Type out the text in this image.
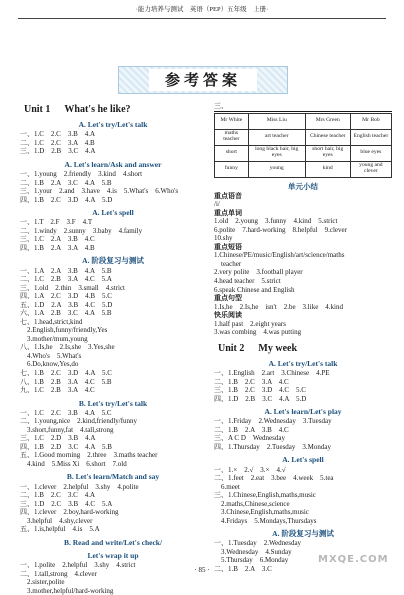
·能力培养与测试　英语（PEP）五年级　上册·
参考答案
Unit 1 What's he like?
A. Let's try/Let's talk
一、1.C　2.C　3.B　4.A
二、1.C　2.C　3.A　4.B
三、1.D　2.B　3.C　4.A
A. Let's learn/Ask and answer
一、1.young　2.friendly　3.kind　4.short
二、1.B　2.A　3.C　4.A　5.B
三、1.your　2.and　3.have　4.is　5.What's　6.Who's
四、1.B　2.C　3.D　4.A　5.D
A. Let's spell
一、1.T　2.F　3.F　4.T
二、1.windy　2.sunny　3.baby　4.family
三、1.C　2.A　3.B　4.C
四、1.B　2.A　3.A　4.B
A. 阶段复习与测试
一、1.A　2.A　3.B　4.A　5.B
二、1.C　2.B　3.A　4.C　5.A
三、1.old　2.thin　3.small　4.strict
四、1.A　2.C　3.D　4.B　5.C
五、1.D　2.A　3.B　4.C　5.D
六、1.A　2.B　3.C　4.A　5.B
七、1.head,strict,kind
　2.English,funny/friendly,Yes
　3.mother/mum,young
八、1.Is,he　2.Is,she　3.Yes,she
　4.Who's　5.What's
　6.Do,know,Yes,do
七、1.B　2.C　3.D　4.A　5.C
八、1.B　2.B　3.A　4.C　5.B
九、1.C　2.B　3.A　4.C
B. Let's try/Let's talk
一、1.C　2.C　3.B　4.A　5.C
二、1.young,nice　2.kind,friendly/funny
　3.short,funny,fat　4.tall,strong
三、1.C　2.D　3.B　4.A
四、1.B　2.D　3.C　4.A　5.B
五、1.Good morning　2.three　3.maths teacher
　4.kind　5.Miss Xi　6.short　7.old
B. Let's learn/Match and say
一、1.clever　2.helpful　3.shy　4.polite
二、1.B　2.C　3.C　4.A
三、1.D　2.C　3.B　4.C　5.A
四、1.clever　2.boy,hard-working
　3.helpful　4.shy,clever
五、1.is,helpful　4.is　5.A
B. Read and write/Let's check/
Let's wrap it up
一、1.polite　2.helpful　3.shy　4.strict
二、1.tall,strong　4.clever
　2.sister,polite
　3.mother,helpful/hard-working
三、
Mr White	Miss Liu	Mrs Green	Mr Bob
maths teacher	art teacher	Chinese teacher	English teacher
short	long black hair, big eyes	short hair, big eyes	blue eyes
funny	young	kind	young and clever
单元小结
重点语音
/i/
重点单词
1.old　2.young　3.funny　4.kind　5.strict
6.polite　7.hard-working　8.helpful　9.clever
10.shy
重点短语
1.Chinese/PE/music/English/art/science/maths
　teacher
2.very polite　3.football player
4.head teacher　5.strict
6.speak Chinese and English
重点句型
1.Is,he　2.Is,he　isn't　2.be　3.like　4.kind
快乐阅读
1.half past　2.eight years
3.was combing　4.was putting
Unit 2 My week
A. Let's try/Let's talk
一、1.English　2.art　3.Chinese　4.PE
二、1.B　2.C　3.A　4.C
三、1.B　2.C　3.D　4.C　5.C
四、1.D　2.B　3.C　4.A　5.D
A. Let's learn/Let's play
一、1.Friday　2.Wednesday　3.Tuesday
二、1.B　2.A　3.B　4.C
三、A C D　Wednesday
四、1.Thursday　2.Tuesday　3.Monday
A. Let's spell
一、1.×　2.√　3.×　4.√
二、1.feet　2.eat　3.bee　4.week　5.tea
　6.meet
三、1.Chinese,English,maths,music
　2.maths,Chinese,science
　3.Chinese,English,maths,music
　4.Fridays　5.Mondays,Thursdays
A. 阶段复习与测试
一、1.Tuesday　2.Wednesday
　3.Wednesday　4.Sunday
　5.Thursday　6.Monday
二、1.B　2.A　3.C
· 85 ·
MXQE.COM
